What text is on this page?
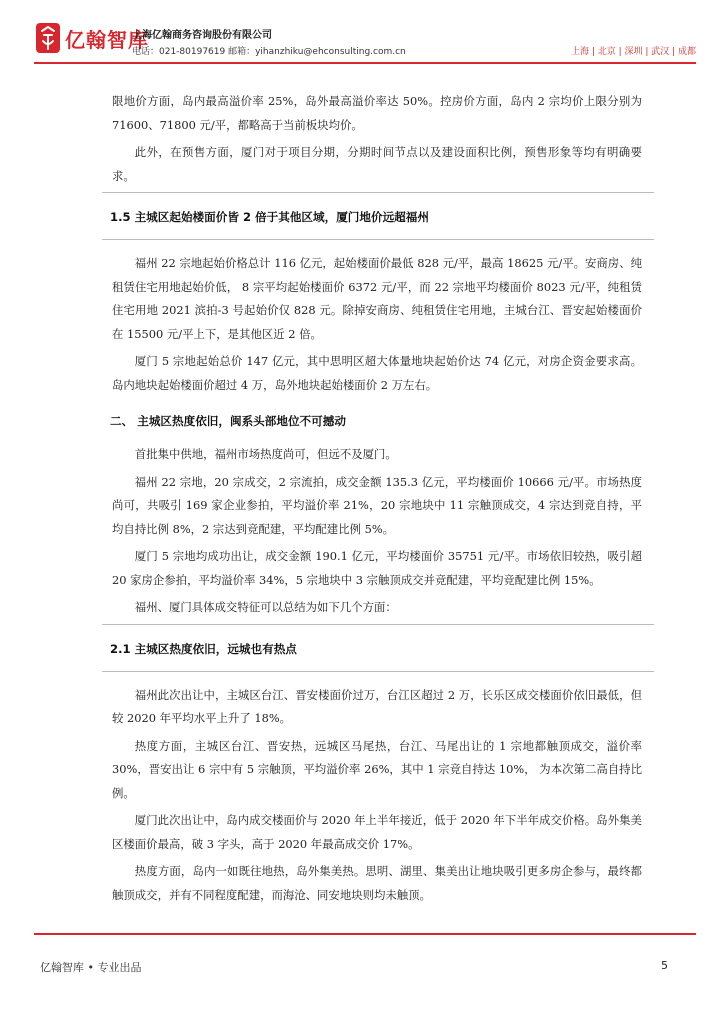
亿翰智库
上海亿翰商务咨询股份有限公司
电话：021-80197619 邮箱：yihanzhiku@ehconsulting.com.cn	上海 | 北京 | 深圳 | 武汉 | 成都

限地价方面，岛内最高溢价率 25%，岛外最高溢价率达 50%。控房价方面，岛内 2 宗均价上限分别为 71600、71800 元/平，都略高于当前板块均价。

此外，在预售方面，厦门对于项目分期，分期时间节点以及建设面积比例，预售形象等均有明确要求。

1.5 主城区起始楼面价皆 2 倍于其他区域，厦门地价远超福州

福州 22 宗地起始价格总计 116 亿元，起始楼面价最低 828 元/平，最高 18625 元/平。安商房、纯租赁住宅用地起始价低， 8 宗平均起始楼面价 6372 元/平，而 22 宗地平均楼面价 8023 元/平，纯租赁住宅用地 2021 滨拍-3 号起始价仅 828 元。除掉安商房、纯租赁住宅用地，主城台江、晋安起始楼面价在 15500 元/平上下，是其他区近 2 倍。

厦门 5 宗地起始总价 147 亿元，其中思明区超大体量地块起始价达 74 亿元，对房企资金要求高。岛内地块起始楼面价超过 4 万，岛外地块起始楼面价 2 万左右。

二、 主城区热度依旧，闽系头部地位不可撼动

首批集中供地，福州市场热度尚可，但远不及厦门。

福州 22 宗地，20 宗成交，2 宗流拍，成交金额 135.3 亿元，平均楼面价 10666 元/平。市场热度尚可，共吸引 169 家企业参拍，平均溢价率 21%，20 宗地块中 11 宗触顶成交，4 宗达到竞自持，平均自持比例 8%，2 宗达到竞配建，平均配建比例 5%。

厦门 5 宗地均成功出让，成交金额 190.1 亿元，平均楼面价 35751 元/平。市场依旧较热，吸引超 20 家房企参拍，平均溢价率 34%，5 宗地块中 3 宗触顶成交并竞配建，平均竞配建比例 15%。

福州、厦门具体成交特征可以总结为如下几个方面：

2.1 主城区热度依旧，远城也有热点

福州此次出让中，主城区台江、晋安楼面价过万，台江区超过 2 万，长乐区成交楼面价依旧最低，但较 2020 年平均水平上升了 18%。

热度方面，主城区台江、晋安热，远城区马尾热，台江、马尾出让的 1 宗地都触顶成交，溢价率 30%，晋安出让 6 宗中有 5 宗触顶，平均溢价率 26%，其中 1 宗竞自持达 10%， 为本次第二高自持比例。

厦门此次出让中，岛内成交楼面价与 2020 年上半年接近，低于 2020 年下半年成交价格。岛外集美区楼面价最高，破 3 字头，高于 2020 年最高成交价 17%。

热度方面，岛内一如既往地热，岛外集美热。思明、湖里、集美出让地块吸引更多房企参与，最终都触顶成交，并有不同程度配建，而海沧、同安地块则均未触顶。

亿翰智库 • 专业出品	5
